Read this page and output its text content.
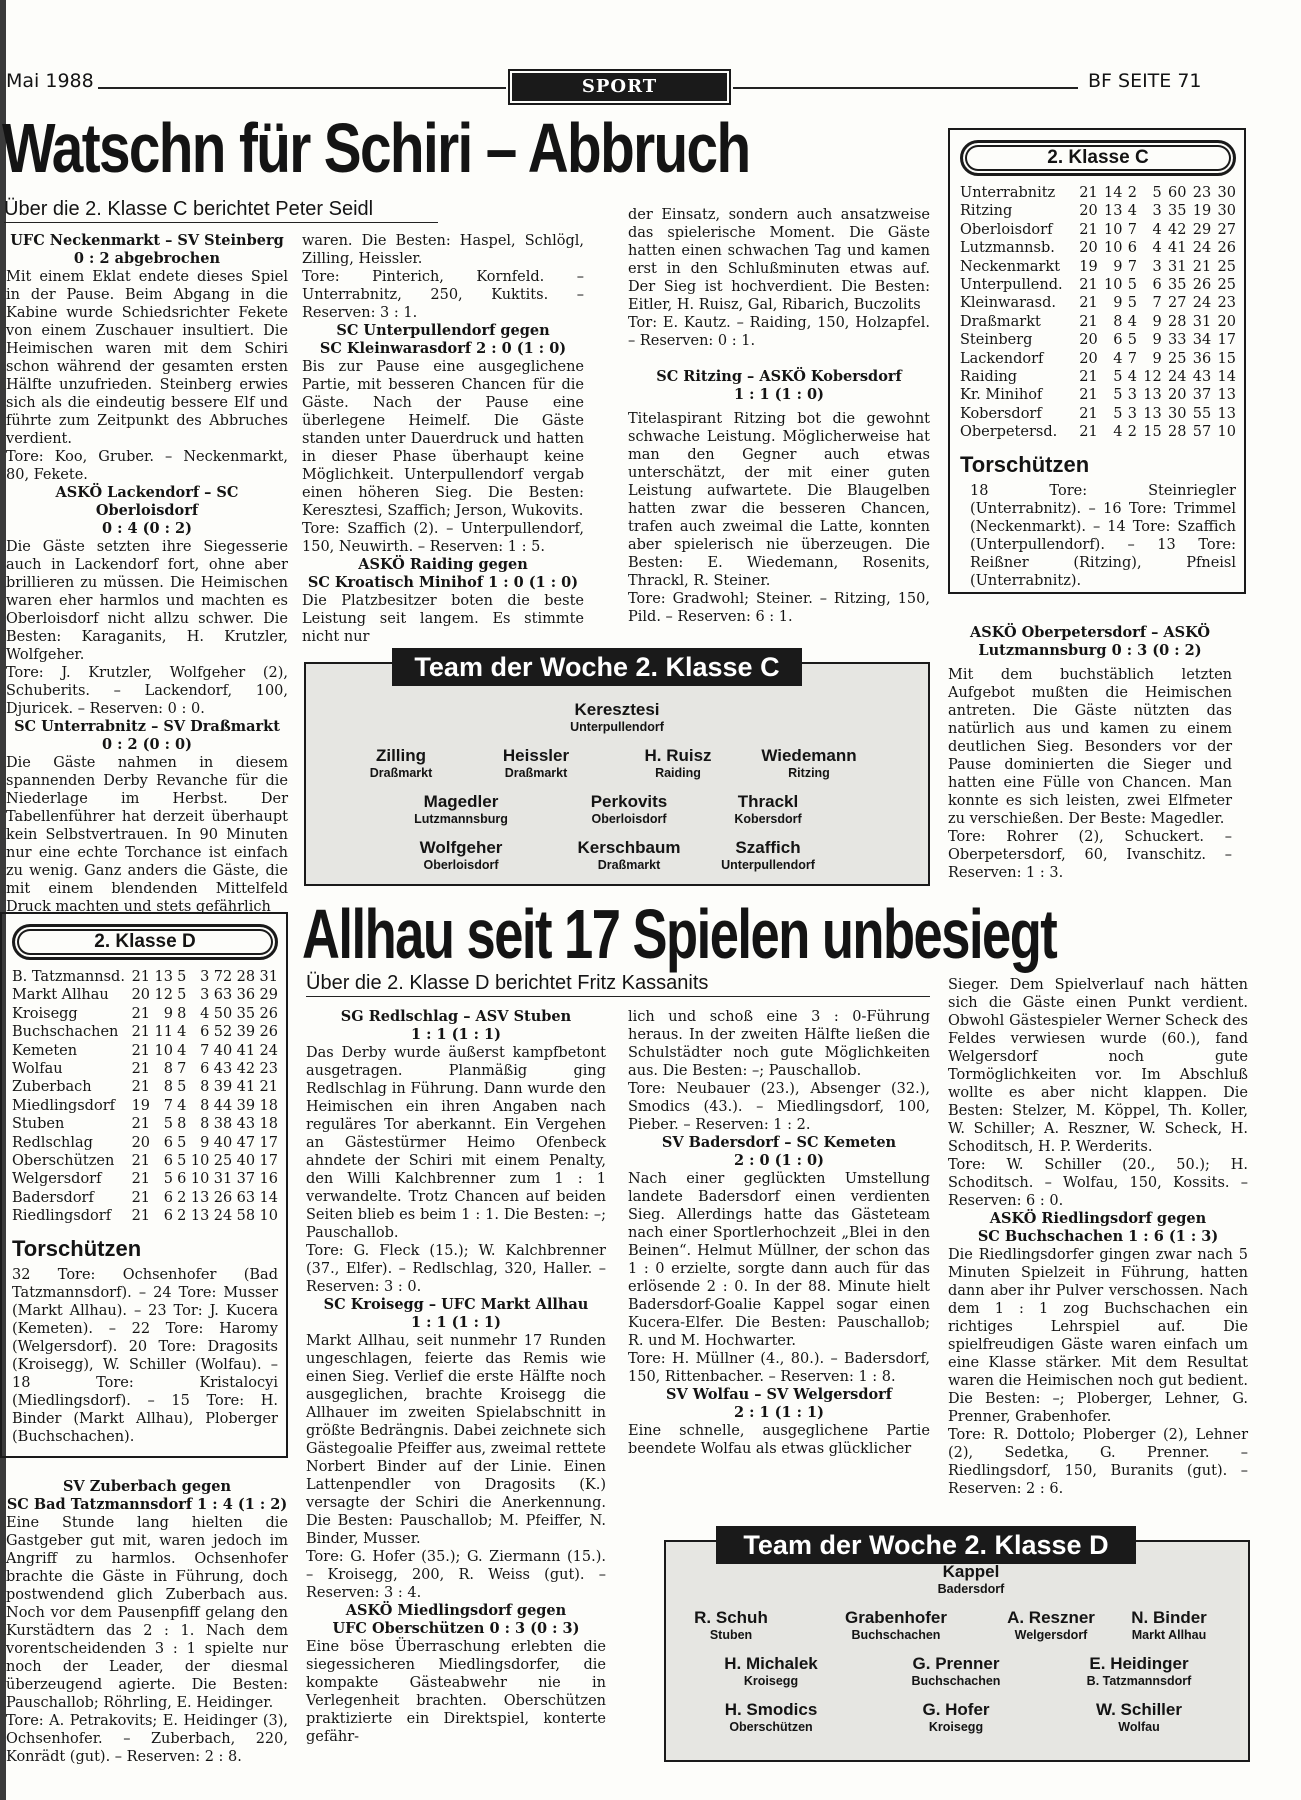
Mai 1988	SPORT	BF SEITE 71
Watschn für Schiri – Abbruch
Über die 2. Klasse C berichtet Peter Seidl

UFC Neckenmarkt – SV Steinberg
0 : 2 abgebrochen

Mit einem Eklat endete dieses Spiel in der Pause. Beim Abgang in die Kabine wurde Schiedsrichter Fekete von einem Zuschauer insultiert. Die Heimischen waren mit dem Schiri schon während der gesamten ersten Hälfte unzufrieden. Steinberg erwies sich als die eindeutig bessere Elf und führte zum Zeitpunkt des Abbruches verdient.

Tore: Koo, Gruber. – Neckenmarkt, 80, Fekete.

ASKÖ Lackendorf – SC Oberloisdorf
0 : 4 (0 : 2)

Die Gäste setzten ihre Siegesserie auch in Lackendorf fort, ohne aber brillieren zu müssen. Die Heimischen waren eher harmlos und machten es Oberloisdorf nicht allzu schwer. Die Besten: Karaganits, H. Krutzler, Wolfgeher.

Tore: J. Krutzler, Wolfgeher (2), Schuberits. – Lackendorf, 100, Djuricek. – Reserven: 0 : 0.

SC Unterrabnitz – SV Draßmarkt
0 : 2 (0 : 0)

Die Gäste nahmen in diesem spannenden Derby Revanche für die Niederlage im Herbst. Der Tabellenführer hat derzeit überhaupt kein Selbstvertrauen. In 90 Minuten nur eine echte Torchance ist einfach zu wenig. Ganz anders die Gäste, die mit einem blendenden Mittelfeld Druck machten und stets gefährlich

waren. Die Besten: Haspel, Schlögl, Zilling, Heissler.

Tore: Pinterich, Kornfeld. – Unterrabnitz, 250, Kuktits. – Reserven: 3 : 1.

SC Unterpullendorf gegen
SC Kleinwarasdorf 2 : 0 (1 : 0)

Bis zur Pause eine ausgeglichene Partie, mit besseren Chancen für die Gäste. Nach der Pause eine überlegene Heimelf. Die Gäste standen unter Dauerdruck und hatten in dieser Phase überhaupt keine Möglichkeit. Unterpullendorf vergab einen höheren Sieg. Die Besten: Keresztesi, Szaffich; Jerson, Wukovits.

Tore: Szaffich (2). – Unterpullendorf, 150, Neuwirth. – Reserven: 1 : 5.

ASKÖ Raiding gegen
SC Kroatisch Minihof 1 : 0 (1 : 0)

Die Platzbesitzer boten die beste Leistung seit langem. Es stimmte nicht nur

der Einsatz, sondern auch ansatzweise das spielerische Moment. Die Gäste hatten einen schwachen Tag und kamen erst in den Schlußminuten etwas auf. Der Sieg ist hochverdient. Die Besten: Eitler, H. Ruisz, Gal, Ribarich, Buczolits

Tor: E. Kautz. – Raiding, 150, Holzapfel. – Reserven: 0 : 1.

SC Ritzing – ASKÖ Kobersdorf
1 : 1 (1 : 0)

Titelaspirant Ritzing bot die gewohnt schwache Leistung. Möglicherweise hat man den Gegner auch etwas unterschätzt, der mit einer guten Leistung aufwartete. Die Blaugelben hatten zwar die besseren Chancen, trafen auch zweimal die Latte, konnten aber spielerisch nie überzeugen. Die Besten: E. Wiedemann, Rosenits, Thrackl, R. Steiner.

Tore: Gradwohl; Steiner. – Ritzing, 150, Pild. – Reserven: 6 : 1.

2. Klasse C
Unterrabnitz	21	14	2	5	60	23	30
Ritzing	20	13	4	3	35	19	30
Oberloisdorf	21	10	7	4	42	29	27
Lutzmannsb.	20	10	6	4	41	24	26
Neckenmarkt	19	9	7	3	31	21	25
Unterpullend.	21	10	5	6	35	26	25
Kleinwarasd.	21	9	5	7	27	24	23
Draßmarkt	21	8	4	9	28	31	20
Steinberg	20	6	5	9	33	34	17
Lackendorf	20	4	7	9	25	36	15
Raiding	21	5	4	12	24	43	14
Kr. Minihof	21	5	3	13	20	37	13
Kobersdorf	21	5	3	13	30	55	13
Oberpetersd.	21	4	2	15	28	57	10
Torschützen
18 Tore: Steinriegler (Unterrabnitz). – 16 Tore: Trimmel (Neckenmarkt). – 14 Tore: Szaffich (Unterpullendorf). – 13 Tore: Reißner (Ritzing), Pfneisl (Unterrabnitz).

ASKÖ Oberpetersdorf – ASKÖ Lutzmannsburg 0 : 3 (0 : 2)

Mit dem buchstäblich letzten Aufgebot mußten die Heimischen antreten. Die Gäste nützten das natürlich aus und kamen zu einem deutlichen Sieg. Besonders vor der Pause dominierten die Sieger und hatten eine Fülle von Chancen. Man konnte es sich leisten, zwei Elfmeter zu verschießen. Der Beste: Magedler.

Tore: Rohrer (2), Schuckert. – Oberpetersdorf, 60, Ivanschitz. – Reserven: 1 : 3.

Team der Woche 2. Klasse C
Keresztesi
Unterpullendorf
Zilling
Draßmarkt
Heissler
Draßmarkt
H. Ruisz
Raiding
Wiedemann
Ritzing
Magedler
Lutzmannsburg
Perkovits
Oberloisdorf
Thrackl
Kobersdorf
Wolfgeher
Oberloisdorf
Kerschbaum
Draßmarkt
Szaffich
Unterpullendorf
2. Klasse D
B. Tatzmannsd.	21	13	5	3	72	28	31
Markt Allhau	20	12	5	3	63	36	29
Kroisegg	21	9	8	4	50	35	26
Buchschachen	21	11	4	6	52	39	26
Kemeten	21	10	4	7	40	41	24
Wolfau	21	8	7	6	43	42	23
Zuberbach	21	8	5	8	39	41	21
Miedlingsdorf	19	7	4	8	44	39	18
Stuben	21	5	8	8	38	43	18
Redlschlag	20	6	5	9	40	47	17
Oberschützen	21	6	5	10	25	40	17
Welgersdorf	21	5	6	10	31	37	16
Badersdorf	21	6	2	13	26	63	14
Riedlingsdorf	21	6	2	13	24	58	10
Torschützen
32 Tore: Ochsenhofer (Bad Tatzmannsdorf). – 24 Tore: Musser (Markt Allhau). – 23 Tor: J. Kucera (Kemeten). – 22 Tore: Haromy (Welgersdorf). 20 Tore: Dragosits (Kroisegg), W. Schiller (Wolfau). – 18 Tore: Kristalocyi (Miedlingsdorf). – 15 Tore: H. Binder (Markt Allhau), Ploberger (Buchschachen).
Allhau seit 17 Spielen unbesiegt
Über die 2. Klasse D berichtet Fritz Kassanits

SV Zuberbach gegen
SC Bad Tatzmannsdorf 1 : 4 (1 : 2)

Eine Stunde lang hielten die Gastgeber gut mit, waren jedoch im Angriff zu harmlos. Ochsenhofer brachte die Gäste in Führung, doch postwendend glich Zuberbach aus. Noch vor dem Pausenpfiff gelang den Kurstädtern das 2 : 1. Nach dem vorentscheidenden 3 : 1 spielte nur noch der Leader, der diesmal überzeugend agierte. Die Besten: Pauschallob; Röhrling, E. Heidinger.

Tore: A. Petrakovits; E. Heidinger (3), Ochsenhofer. – Zuberbach, 220, Konrädt (gut). – Reserven: 2 : 8.

SG Redlschlag – ASV Stuben
1 : 1 (1 : 1)

Das Derby wurde äußerst kampfbetont ausgetragen. Planmäßig ging Redlschlag in Führung. Dann wurde den Heimischen ein ihren Angaben nach reguläres Tor aberkannt. Ein Vergehen an Gästestürmer Heimo Ofenbeck ahndete der Schiri mit einem Penalty, den Willi Kalchbrenner zum 1 : 1 verwandelte. Trotz Chancen auf beiden Seiten blieb es beim 1 : 1. Die Besten: –; Pauschallob.

Tore: G. Fleck (15.); W. Kalchbrenner (37., Elfer). – Redlschlag, 320, Haller. – Reserven: 3 : 0.

SC Kroisegg – UFC Markt Allhau
1 : 1 (1 : 1)

Markt Allhau, seit nunmehr 17 Runden ungeschlagen, feierte das Remis wie einen Sieg. Verlief die erste Hälfte noch ausgeglichen, brachte Kroisegg die Allhauer im zweiten Spielabschnitt in größte Bedrängnis. Dabei zeichnete sich Gästegoalie Pfeiffer aus, zweimal rettete Norbert Binder auf der Linie. Einen Lattenpendler von Dragosits (K.) versagte der Schiri die Anerkennung. Die Besten: Pauschallob; M. Pfeiffer, N. Binder, Musser.

Tore: G. Hofer (35.); G. Ziermann (15.). – Kroisegg, 200, R. Weiss (gut). – Reserven: 3 : 4.

ASKÖ Miedlingsdorf gegen
UFC Oberschützen 0 : 3 (0 : 3)

Eine böse Überraschung erlebten die siegessicheren Miedlingsdorfer, die kompakte Gästeabwehr nie in Verlegenheit brachten. Oberschützen praktizierte ein Direktspiel, konterte gefähr-

lich und schoß eine 3 : 0-Führung heraus. In der zweiten Hälfte ließen die Schulstädter noch gute Möglichkeiten aus. Die Besten: –; Pauschallob.

Tore: Neubauer (23.), Absenger (32.), Smodics (43.). – Miedlingsdorf, 100, Pieber. – Reserven: 1 : 2.

SV Badersdorf – SC Kemeten
2 : 0 (1 : 0)

Nach einer geglückten Umstellung landete Badersdorf einen verdienten Sieg. Allerdings hatte das Gästeteam nach einer Sportlerhochzeit „Blei in den Beinen“. Helmut Müllner, der schon das 1 : 0 erzielte, sorgte dann auch für das erlösende 2 : 0. In der 88. Minute hielt Badersdorf-Goalie Kappel sogar einen Kucera-Elfer. Die Besten: Pauschallob; R. und M. Hochwarter.

Tore: H. Müllner (4., 80.). – Badersdorf, 150, Rittenbacher. – Reserven: 1 : 8.

SV Wolfau – SV Welgersdorf
2 : 1 (1 : 1)

Eine schnelle, ausgeglichene Partie beendete Wolfau als etwas glücklicher

Sieger. Dem Spielverlauf nach hätten sich die Gäste einen Punkt verdient. Obwohl Gästespieler Werner Scheck des Feldes verwiesen wurde (60.), fand Welgersdorf noch gute Tormöglichkeiten vor. Im Abschluß wollte es aber nicht klappen. Die Besten: Stelzer, M. Köppel, Th. Koller, W. Schiller; A. Reszner, W. Scheck, H. Schoditsch, H. P. Werderits.

Tore: W. Schiller (20., 50.); H. Schoditsch. – Wolfau, 150, Kossits. – Reserven: 6 : 0.

ASKÖ Riedlingsdorf gegen
SC Buchschachen 1 : 6 (1 : 3)

Die Riedlingsdorfer gingen zwar nach 5 Minuten Spielzeit in Führung, hatten dann aber ihr Pulver verschossen. Nach dem 1 : 1 zog Buchschachen ein richtiges Lehrspiel auf. Die spielfreudigen Gäste waren einfach um eine Klasse stärker. Mit dem Resultat waren die Heimischen noch gut bedient. Die Besten: –; Ploberger, Lehner, G. Prenner, Grabenhofer.

Tore: R. Dottolo; Ploberger (2), Lehner (2), Sedetka, G. Prenner. – Riedlingsdorf, 150, Buranits (gut). – Reserven: 2 : 6.

Team der Woche 2. Klasse D
Kappel
Badersdorf
R. Schuh
Stuben
Grabenhofer
Buchschachen
A. Reszner
Welgersdorf
N. Binder
Markt Allhau
H. Michalek
Kroisegg
G. Prenner
Buchschachen
E. Heidinger
B. Tatzmannsdorf
H. Smodics
Oberschützen
G. Hofer
Kroisegg
W. Schiller
Wolfau
